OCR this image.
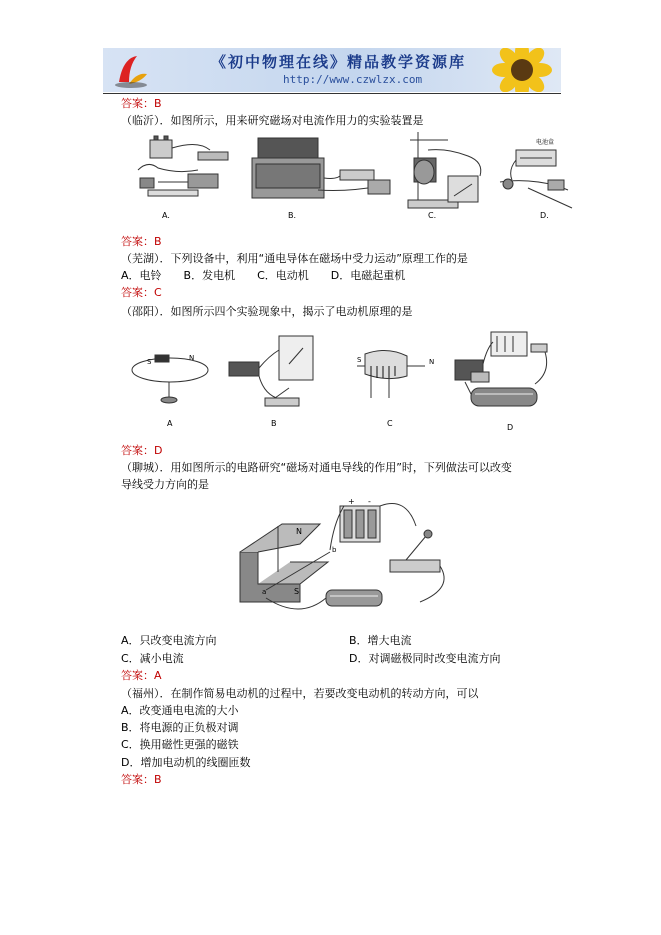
《初中物理在线》精品教学资源库
http://www.czwlzx.com
答案：B
（临沂）．如图所示，用来研究磁场对电流作用力的实验装置是
A.	B.	C.	D.
电池盒
答案：B
（芜湖）．下列设备中，利用“通电导体在磁场中受力运动”原理工作的是
A．电铃　　B．发电机　　C．电动机　　D．电磁起重机
答案：C
（邵阳）．如图所示四个实验现象中，揭示了电动机原理的是
S	N	S	N
A	B	C	D
答案：D
（聊城）．用如图所示的电路研究“磁场对通电导线的作用”时，下列做法可以改变
导线受力方向的是
N
S
b
a
+ -
A．只改变电流方向	B．增大电流
C．减小电流	D．对调磁极同时改变电流方向
答案：A
（福州）．在制作简易电动机的过程中，若要改变电动机的转动方向，可以
A．改变通电电流的大小
B．将电源的正负极对调
C．换用磁性更强的磁铁
D．增加电动机的线圈匝数
答案：B
